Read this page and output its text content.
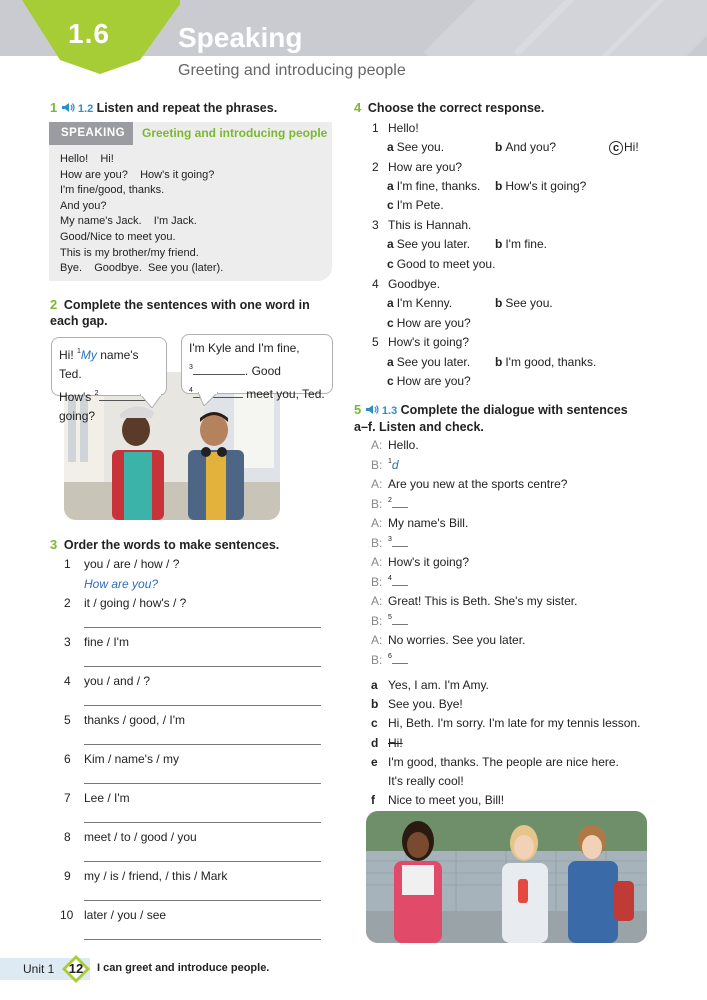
1.6 Speaking
Greeting and introducing people
1 1.2 Listen and repeat the phrases.
SPEAKING	Greeting and introducing people
Hello!    Hi!
How are you?    How's it going?
I'm fine/good, thanks.
And you?
My name's Jack.    I'm Jack.
Good/Nice to meet you.
This is my brother/my friend.
Bye.    Goodbye.  See you (later).
2 Complete the sentences with one word in each gap.
Hi! $^1$My name's Ted.
How's $^2$
going?
I'm Kyle and I'm fine,
$^3$	. Good
$^4$	meet you, Ted.
3 Order the words to make sentences.
1 you / are / how / ?
How are you?
2 it / going / how's / ?
3 fine / I'm
4 you / and / ?
5 thanks / good, / I'm
6 Kim / name's / my
7 Lee / I'm
8 meet / to / good / you
9 my / is / friend, / this / Mark
10 later / you / see
4 Choose the correct response.
1 Hello!
a See you.	b And you?	c Hi!
2 How are you?
a I'm fine, thanks. b How's it going?
c I'm Pete.
3 This is Hannah.
a See you later. b I'm fine.
c Good to meet you.
4 Goodbye.
a I'm Kenny.	b See you.
c How are you?
5 How's it going?
a See you later. b I'm good, thanks.
c How are you?
5 1.3 Complete the dialogue with sentences a–f. Listen and check.
A: Hello.
B: $^1$d
A: Are you new at the sports centre?
B: $^2$
A: My name's Bill.
B: $^3$
A: How's it going?
B: $^4$
A: Great! This is Beth. She's my sister.
B: $^5$
A: No worries. See you later.
B: $^6$
a Yes, I am. I'm Amy.
b See you. Bye!
c Hi, Beth. I'm sorry. I'm late for my tennis lesson.
d Hi!
e I'm good, thanks. The people are nice here.
It's really cool!
f Nice to meet you, Bill!
Unit 1	12	I can greet and introduce people.
